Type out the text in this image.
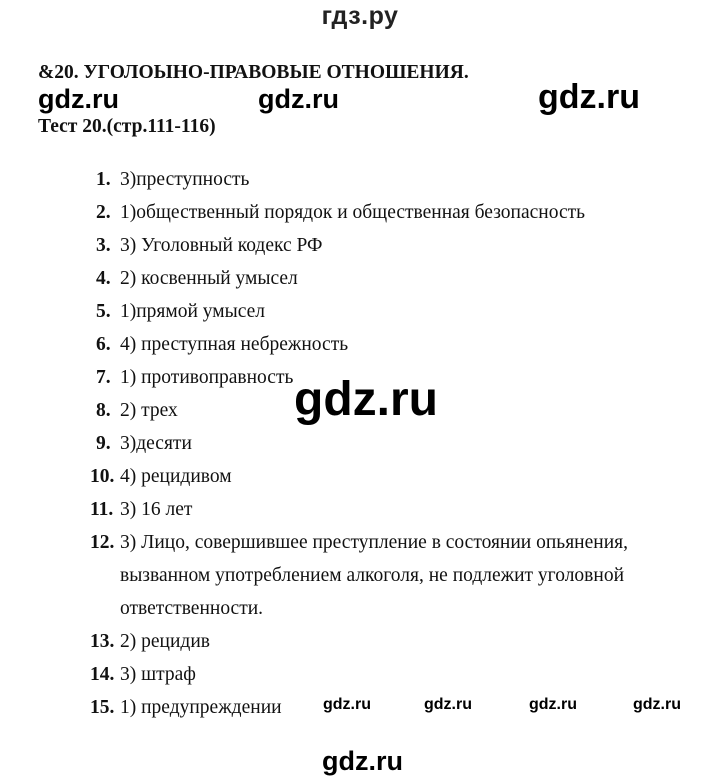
гдз.ру
&20. УГОЛОЫНО-ПРАВОВЫЕ ОТНОШЕНИЯ.
Тест 20.(стр.111-116)
gdz.ru	gdz.ru	gdz.ru
1. 3)преступность
2. 1)общественный порядок и общественная безопасность
3. 3) Уголовный кодекс РФ
4. 2) косвенный умысел
5. 1)прямой умысел
6. 4) преступная небрежность
7. 1) противоправность
8. 2) трех
9. 3)десяти
10. 4) рецидивом
11. 3) 16 лет
12. 3) Лицо, совершившее преступление в состоянии опьянения, вызванном употреблением алкоголя, не подлежит уголовной ответственности.
13. 2) рецидив
14. 3) штраф
15. 1) предупреждении
gdz.ru
gdz.ru	gdz.ru	gdz.ru	gdz.ru
gdz.ru
